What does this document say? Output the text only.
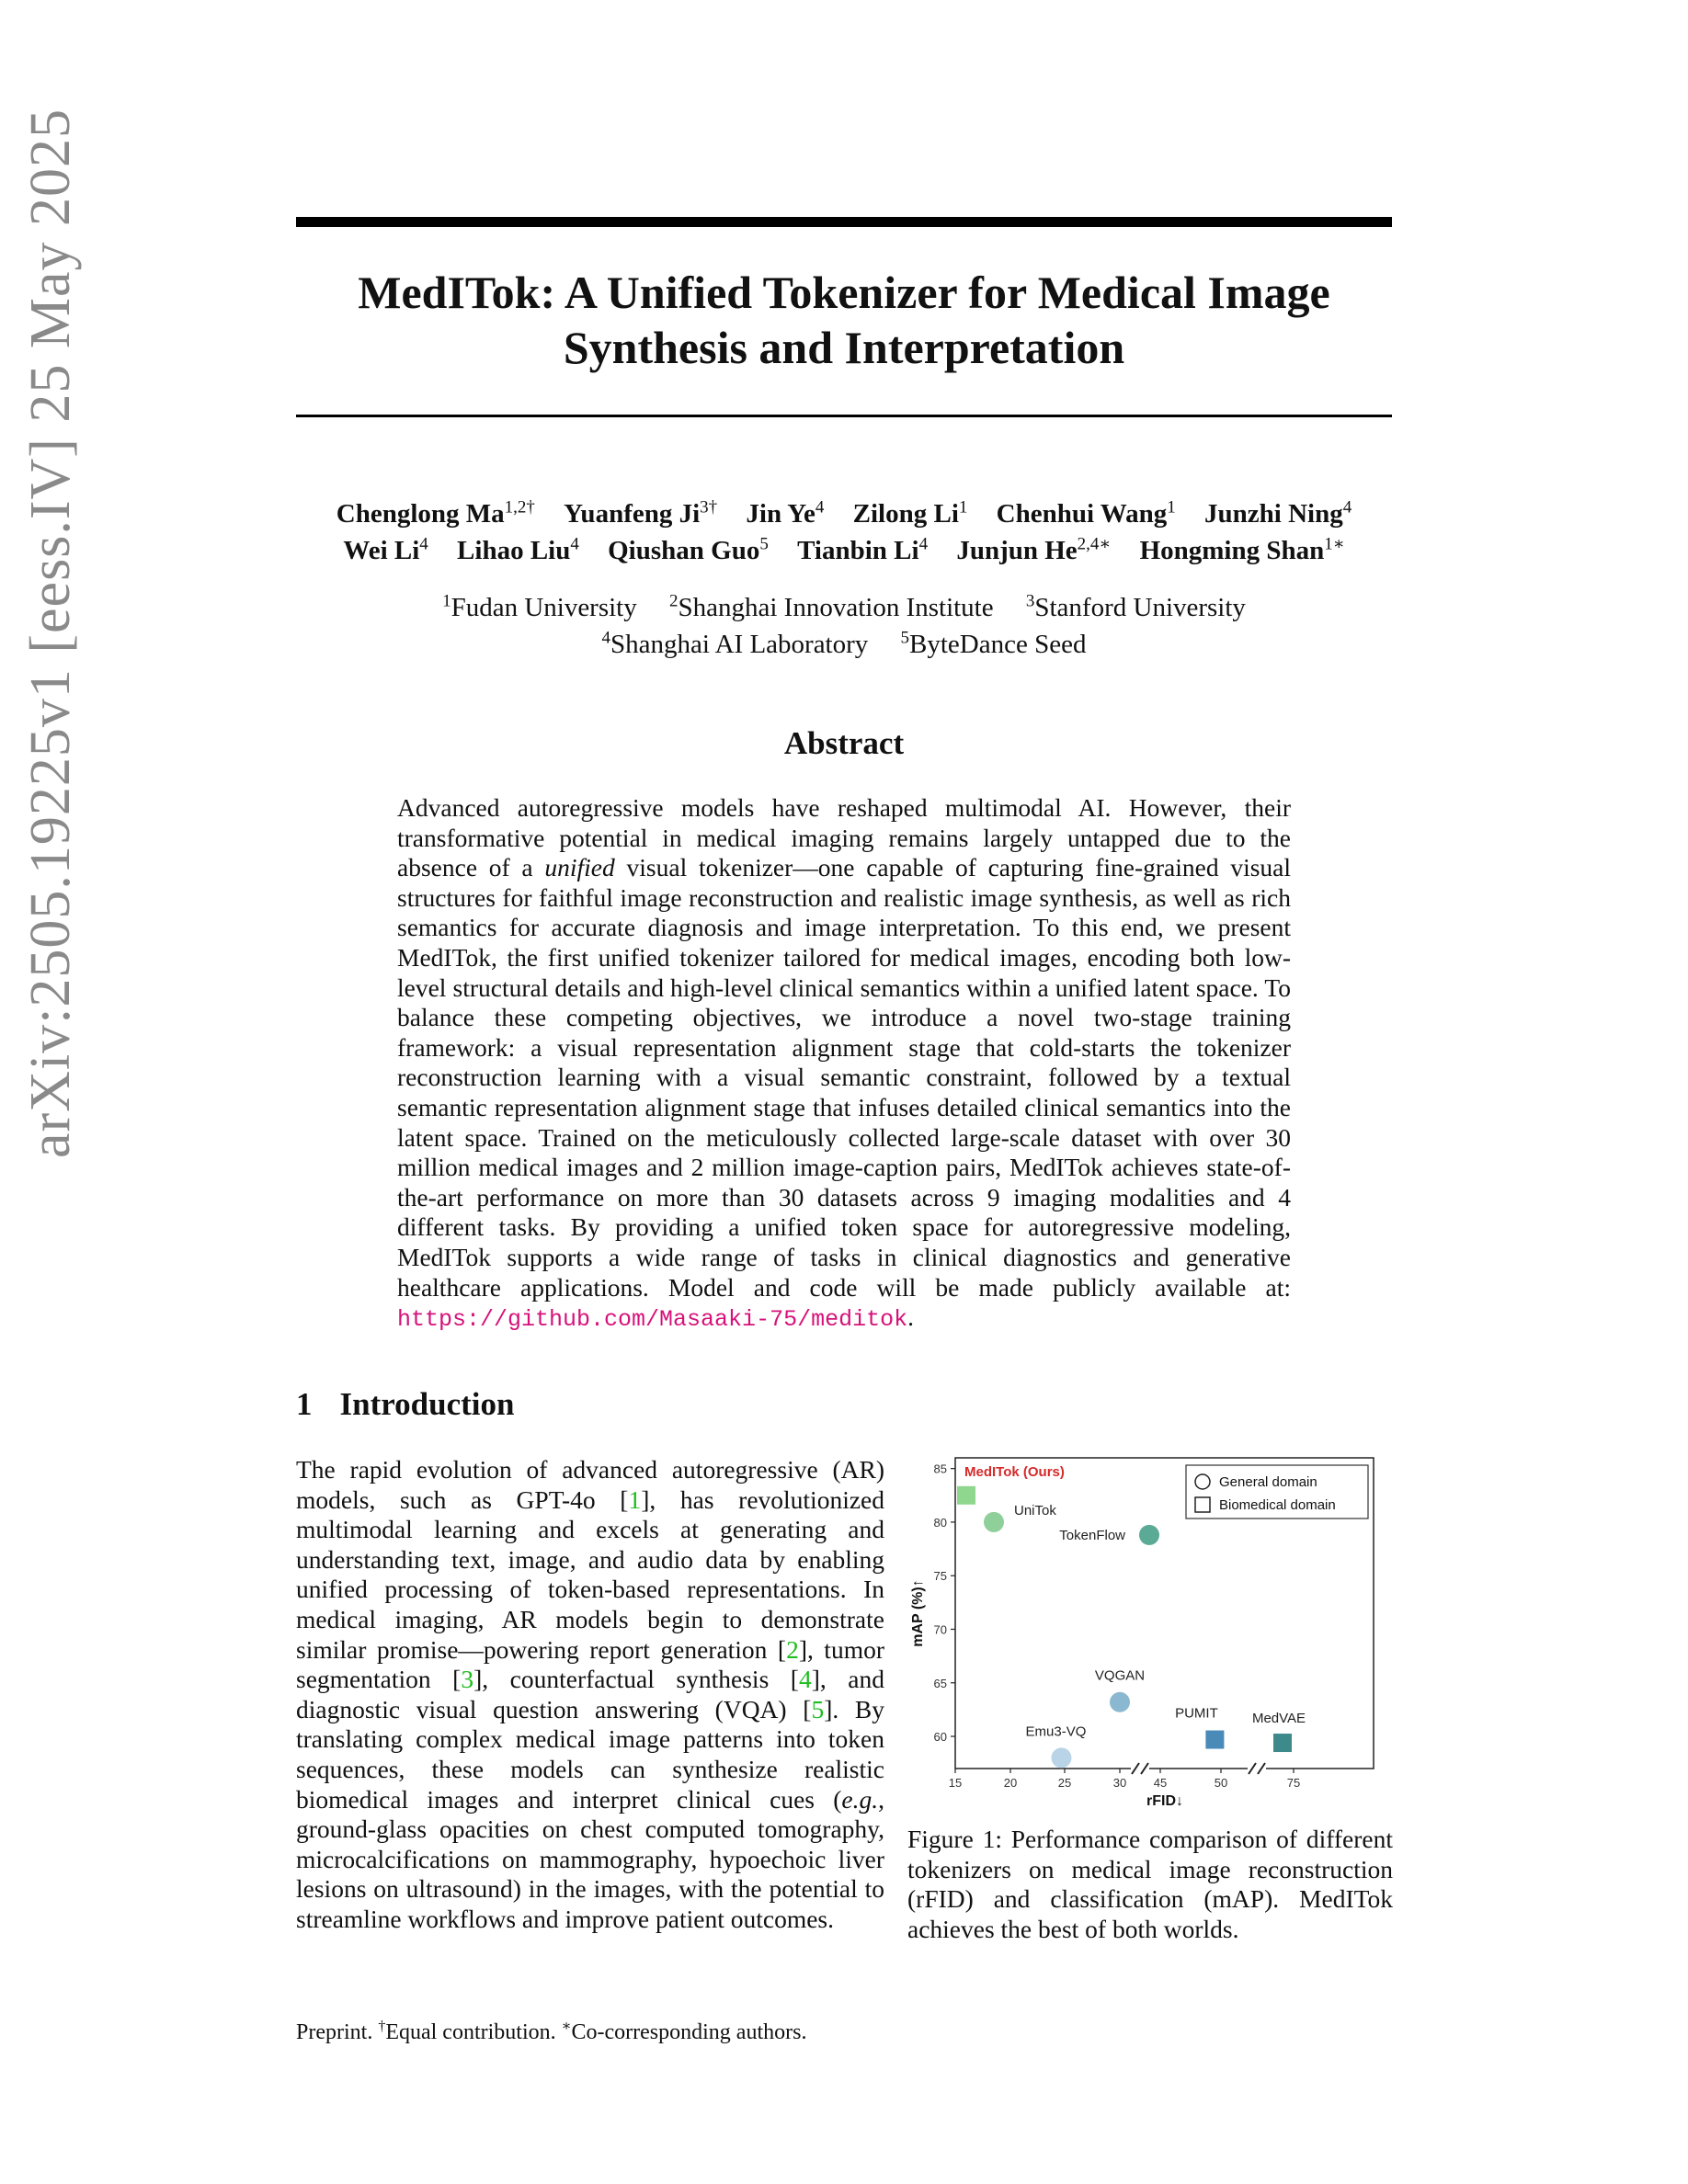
arXiv:2505.19225v1 [eess.IV] 25 May 2025	MedITok: A Unified Tokenizer for Medical Image
Synthesis and Interpretation
Chenglong $Ma^{1,2\dagger}$ Yuanfeng $Ji^{3\dagger}$ Jin Ye$^4$ Zilong Li$^1$ Chenhui Wang$^1$ Junzhi Ning$^4$
Wei Li$^4$ Lihao Liu$^4$ Qiushan Guo$^5$ Tianbin Li$^4$ Junjun $He^{2,4∗}$ Hongming Shan$^{1∗}$
$^1$Fudan University $^2$Shanghai Innovation Institute $^3$Stanford University
$^4$Shanghai AI Laboratory $^5$ByteDance Seed
Abstract
Advanced autoregressive models have reshaped multimodal AI. However, their transformative potential in medical imaging remains largely untapped due to the absence of a unified visual tokenizer—one capable of capturing fine-grained visual structures for faithful image reconstruction and realistic image synthesis, as well as rich semantics for accurate diagnosis and image interpretation. To this end, we present MedITok, the first unified tokenizer tailored for medical images, encoding both low-level structural details and high-level clinical semantics within a unified latent space. To balance these competing objectives, we introduce a novel two-stage training framework: a visual representation alignment stage that cold-starts the tokenizer reconstruction learning with a visual semantic constraint, followed by a textual semantic representation alignment stage that infuses detailed clinical semantics into the latent space. Trained on the meticulously collected large-scale dataset with over 30 million medical images and 2 million image-caption pairs, MedITok achieves state-of-the-art performance on more than 30 datasets across 9 imaging modalities and 4 different tasks. By providing a unified token space for autoregressive modeling, MedITok supports a wide range of tasks in clinical diagnostics and generative healthcare applications. Model and code will be made publicly available at: https://github.com/Masaaki-75/meditok.
1 Introduction
The rapid evolution of advanced autoregressive (AR) models, such as GPT-4o [1], has revolutionized multimodal learning and excels at generating and understanding text, image, and audio data by enabling unified processing of token-based representations. In medical imaging, AR models begin to demonstrate similar promise—powering report generation [2], tumor segmentation [3], counterfactual synthesis [4], and diagnostic visual question answering (VQA) [5]. By translating complex medical image patterns into token sequences, these models can synthesize realistic biomedical images and interpret clinical cues (e.g., ground-glass opacities on chest computed tomography, microcalcifications on mammography, hypoechoic liver lesions on ultrasound) in the images, with the potential to streamline workflows and improve patient outcomes.
60
65
70
75
80
85
15	20	25	30 45	50	75
rFID↓
mAP (%)↑
General domain
Biomedical domain
MedITok (Ours)
UniTok
TokenFlow
VQGAN
Emu3-VQ
PUMIT MedVAE
Figure 1: Performance comparison of different tokenizers on medical image reconstruction (rFID) and classification (mAP). MedITok achieves the best of both worlds.
Preprint. †Equal contribution. ∗Co-corresponding authors.
